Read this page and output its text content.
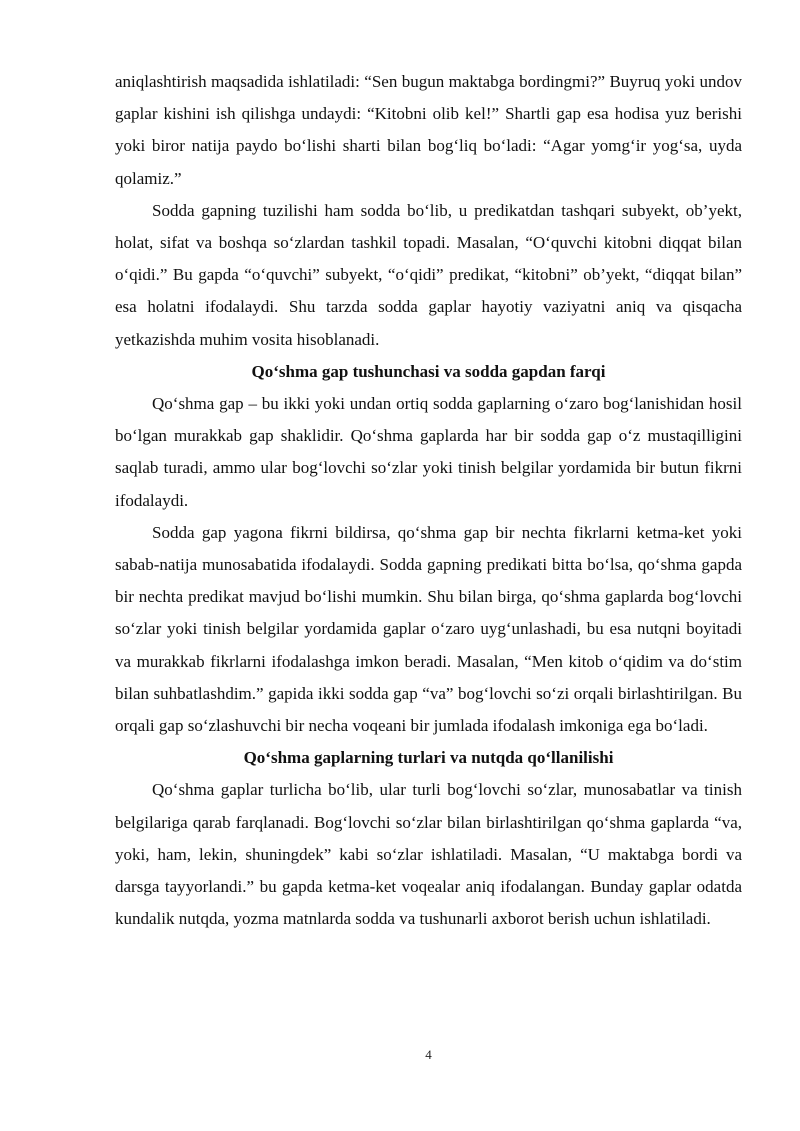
aniqlashtirish maqsadida ishlatiladi: “Sen bugun maktabga bordingmi?” Buyruq yoki undov gaplar kishini ish qilishga undaydi: “Kitobni olib kel!” Shartli gap esa hodisa yuz berishi yoki biror natija paydo bo‘lishi sharti bilan bog‘liq bo‘ladi: “Agar yomg‘ir yog‘sa, uyda qolamiz.”

Sodda gapning tuzilishi ham sodda bo‘lib, u predikatdan tashqari subyekt, ob’yekt, holat, sifat va boshqa so‘zlardan tashkil topadi. Masalan, “O‘quvchi kitobni diqqat bilan o‘qidi.” Bu gapda “o‘quvchi” subyekt, “o‘qidi” predikat, “kitobni” ob’yekt, “diqqat bilan” esa holatni ifodalaydi. Shu tarzda sodda gaplar hayotiy vaziyatni aniq va qisqacha yetkazishda muhim vosita hisoblanadi.

Qo‘shma gap tushunchasi va sodda gapdan farqi

Qo‘shma gap – bu ikki yoki undan ortiq sodda gaplarning o‘zaro bog‘lanishidan hosil bo‘lgan murakkab gap shaklidir. Qo‘shma gaplarda har bir sodda gap o‘z mustaqilligini saqlab turadi, ammo ular bog‘lovchi so‘zlar yoki tinish belgilar yordamida bir butun fikrni ifodalaydi.

Sodda gap yagona fikrni bildirsa, qo‘shma gap bir nechta fikrlarni ketma-ket yoki sabab-natija munosabatida ifodalaydi. Sodda gapning predikati bitta bo‘lsa, qo‘shma gapda bir nechta predikat mavjud bo‘lishi mumkin. Shu bilan birga, qo‘shma gaplarda bog‘lovchi so‘zlar yoki tinish belgilar yordamida gaplar o‘zaro uyg‘unlashadi, bu esa nutqni boyitadi va murakkab fikrlarni ifodalashga imkon beradi. Masalan, “Men kitob o‘qidim va do‘stim bilan suhbatlashdim.” gapida ikki sodda gap “va” bog‘lovchi so‘zi orqali birlashtirilgan. Bu orqali gap so‘zlashuvchi bir necha voqeani bir jumlada ifodalash imkoniga ega bo‘ladi.

Qo‘shma gaplarning turlari va nutqda qo‘llanilishi

Qo‘shma gaplar turlicha bo‘lib, ular turli bog‘lovchi so‘zlar, munosabatlar va tinish belgilariga qarab farqlanadi. Bog‘lovchi so‘zlar bilan birlashtirilgan qo‘shma gaplarda “va, yoki, ham, lekin, shuningdek” kabi so‘zlar ishlatiladi. Masalan, “U maktabga bordi va darsga tayyorlandi.” bu gapda ketma-ket voqealar aniq ifodalangan. Bunday gaplar odatda kundalik nutqda, yozma matnlarda sodda va tushunarli axborot berish uchun ishlatiladi.

4
